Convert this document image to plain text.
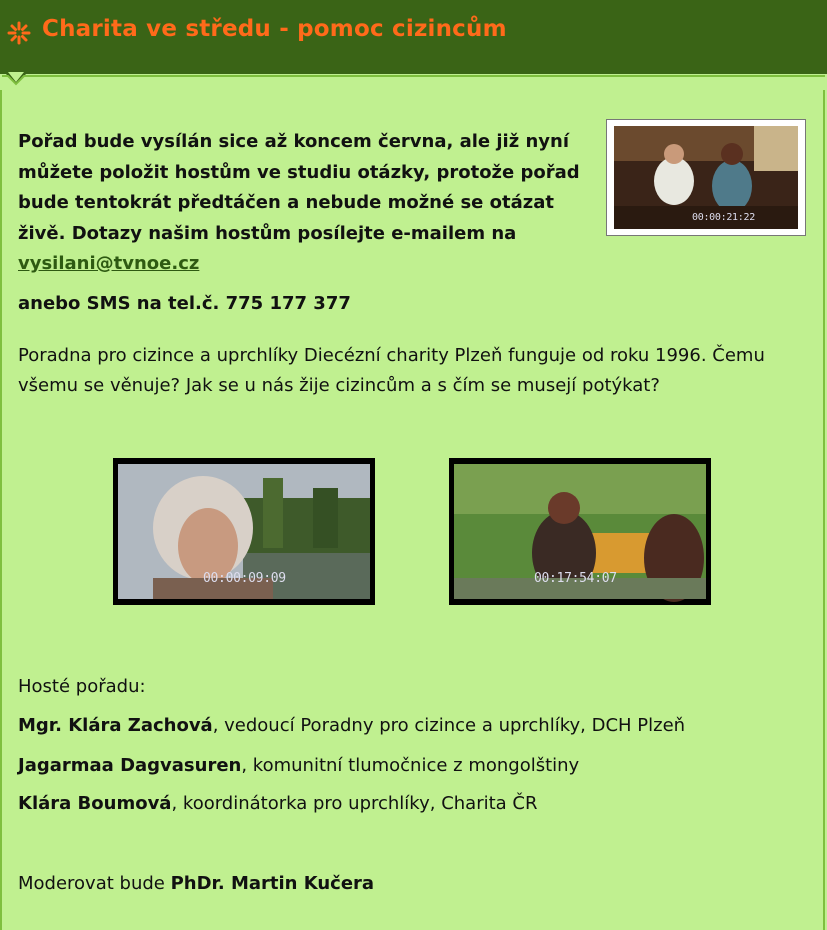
Charita ve středu - pomoc cizincům
00:00:21:22
Pořad bude vysílán sice až koncem června, ale již nyní můžete položit hostům ve studiu otázky, protože pořad bude tentokrát předtáčen a nebude možné se otázat živě. Dotazy našim hostům posílejte e-mailem na
vysilani@tvnoe.cz
anebo SMS na tel.č. 775 177 377
Poradna pro cizince a uprchlíky Diecézní charity Plzeň funguje od roku 1996. Čemu všemu se věnuje? Jak se u nás žije cizincům a s čím se musejí potýkat?
00:00:09:09	00:17:54:07
Hosté pořadu:
Mgr. Klára Zachová, vedoucí Poradny pro cizince a uprchlíky, DCH Plzeň
Jagarmaa Dagvasuren, komunitní tlumočnice z mongolštiny
Klára Boumová, koordinátorka pro uprchlíky, Charita ČR
Moderovat bude PhDr. Martin Kučera
